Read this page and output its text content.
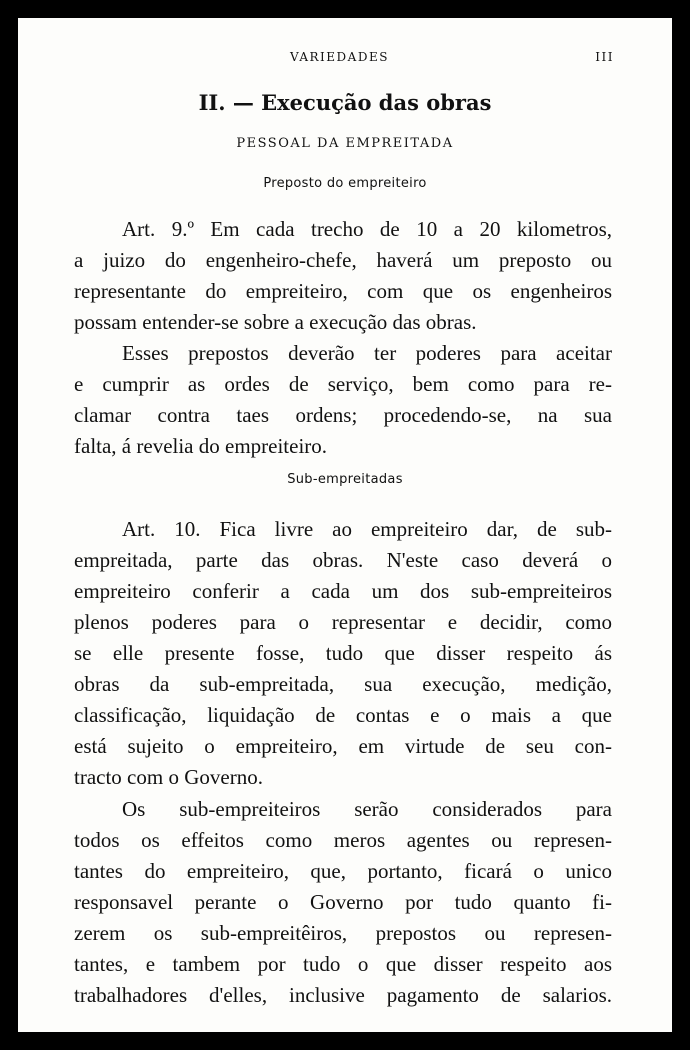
VARIEDADES	III
II. — Execução das obras
PESSOAL DA EMPREITADA
Preposto do empreiteiro
Art. 9.º Em cada trecho de 10 a 20 kilometros,
a juizo do engenheiro-chefe, haverá um preposto ou
representante do empreiteiro, com que os engenheiros
possam entender-se sobre a execução das obras.
Esses prepostos deverão ter poderes para aceitar
e cumprir as ordes de serviço, bem como para re-
clamar contra taes ordens; procedendo-se, na sua
falta, á revelia do empreiteiro.
Sub-empreitadas
Art. 10. Fica livre ao empreiteiro dar, de sub-
empreitada, parte das obras. N'este caso deverá o
empreiteiro conferir a cada um dos sub-empreiteiros
plenos poderes para o representar e decidir, como
se elle presente fosse, tudo que disser respeito ás
obras da sub-empreitada, sua execução, medição,
classificação, liquidação de contas e o mais a que
está sujeito o empreiteiro, em virtude de seu con-
tracto com o Governo.
Os sub-empreiteiros serão considerados para
todos os effeitos como meros agentes ou represen-
tantes do empreiteiro, que, portanto, ficará o unico
responsavel perante o Governo por tudo quanto fi-
zerem os sub-empreitêiros, prepostos ou represen-
tantes, e tambem por tudo o que disser respeito aos
trabalhadores d'elles, inclusive pagamento de salarios.
